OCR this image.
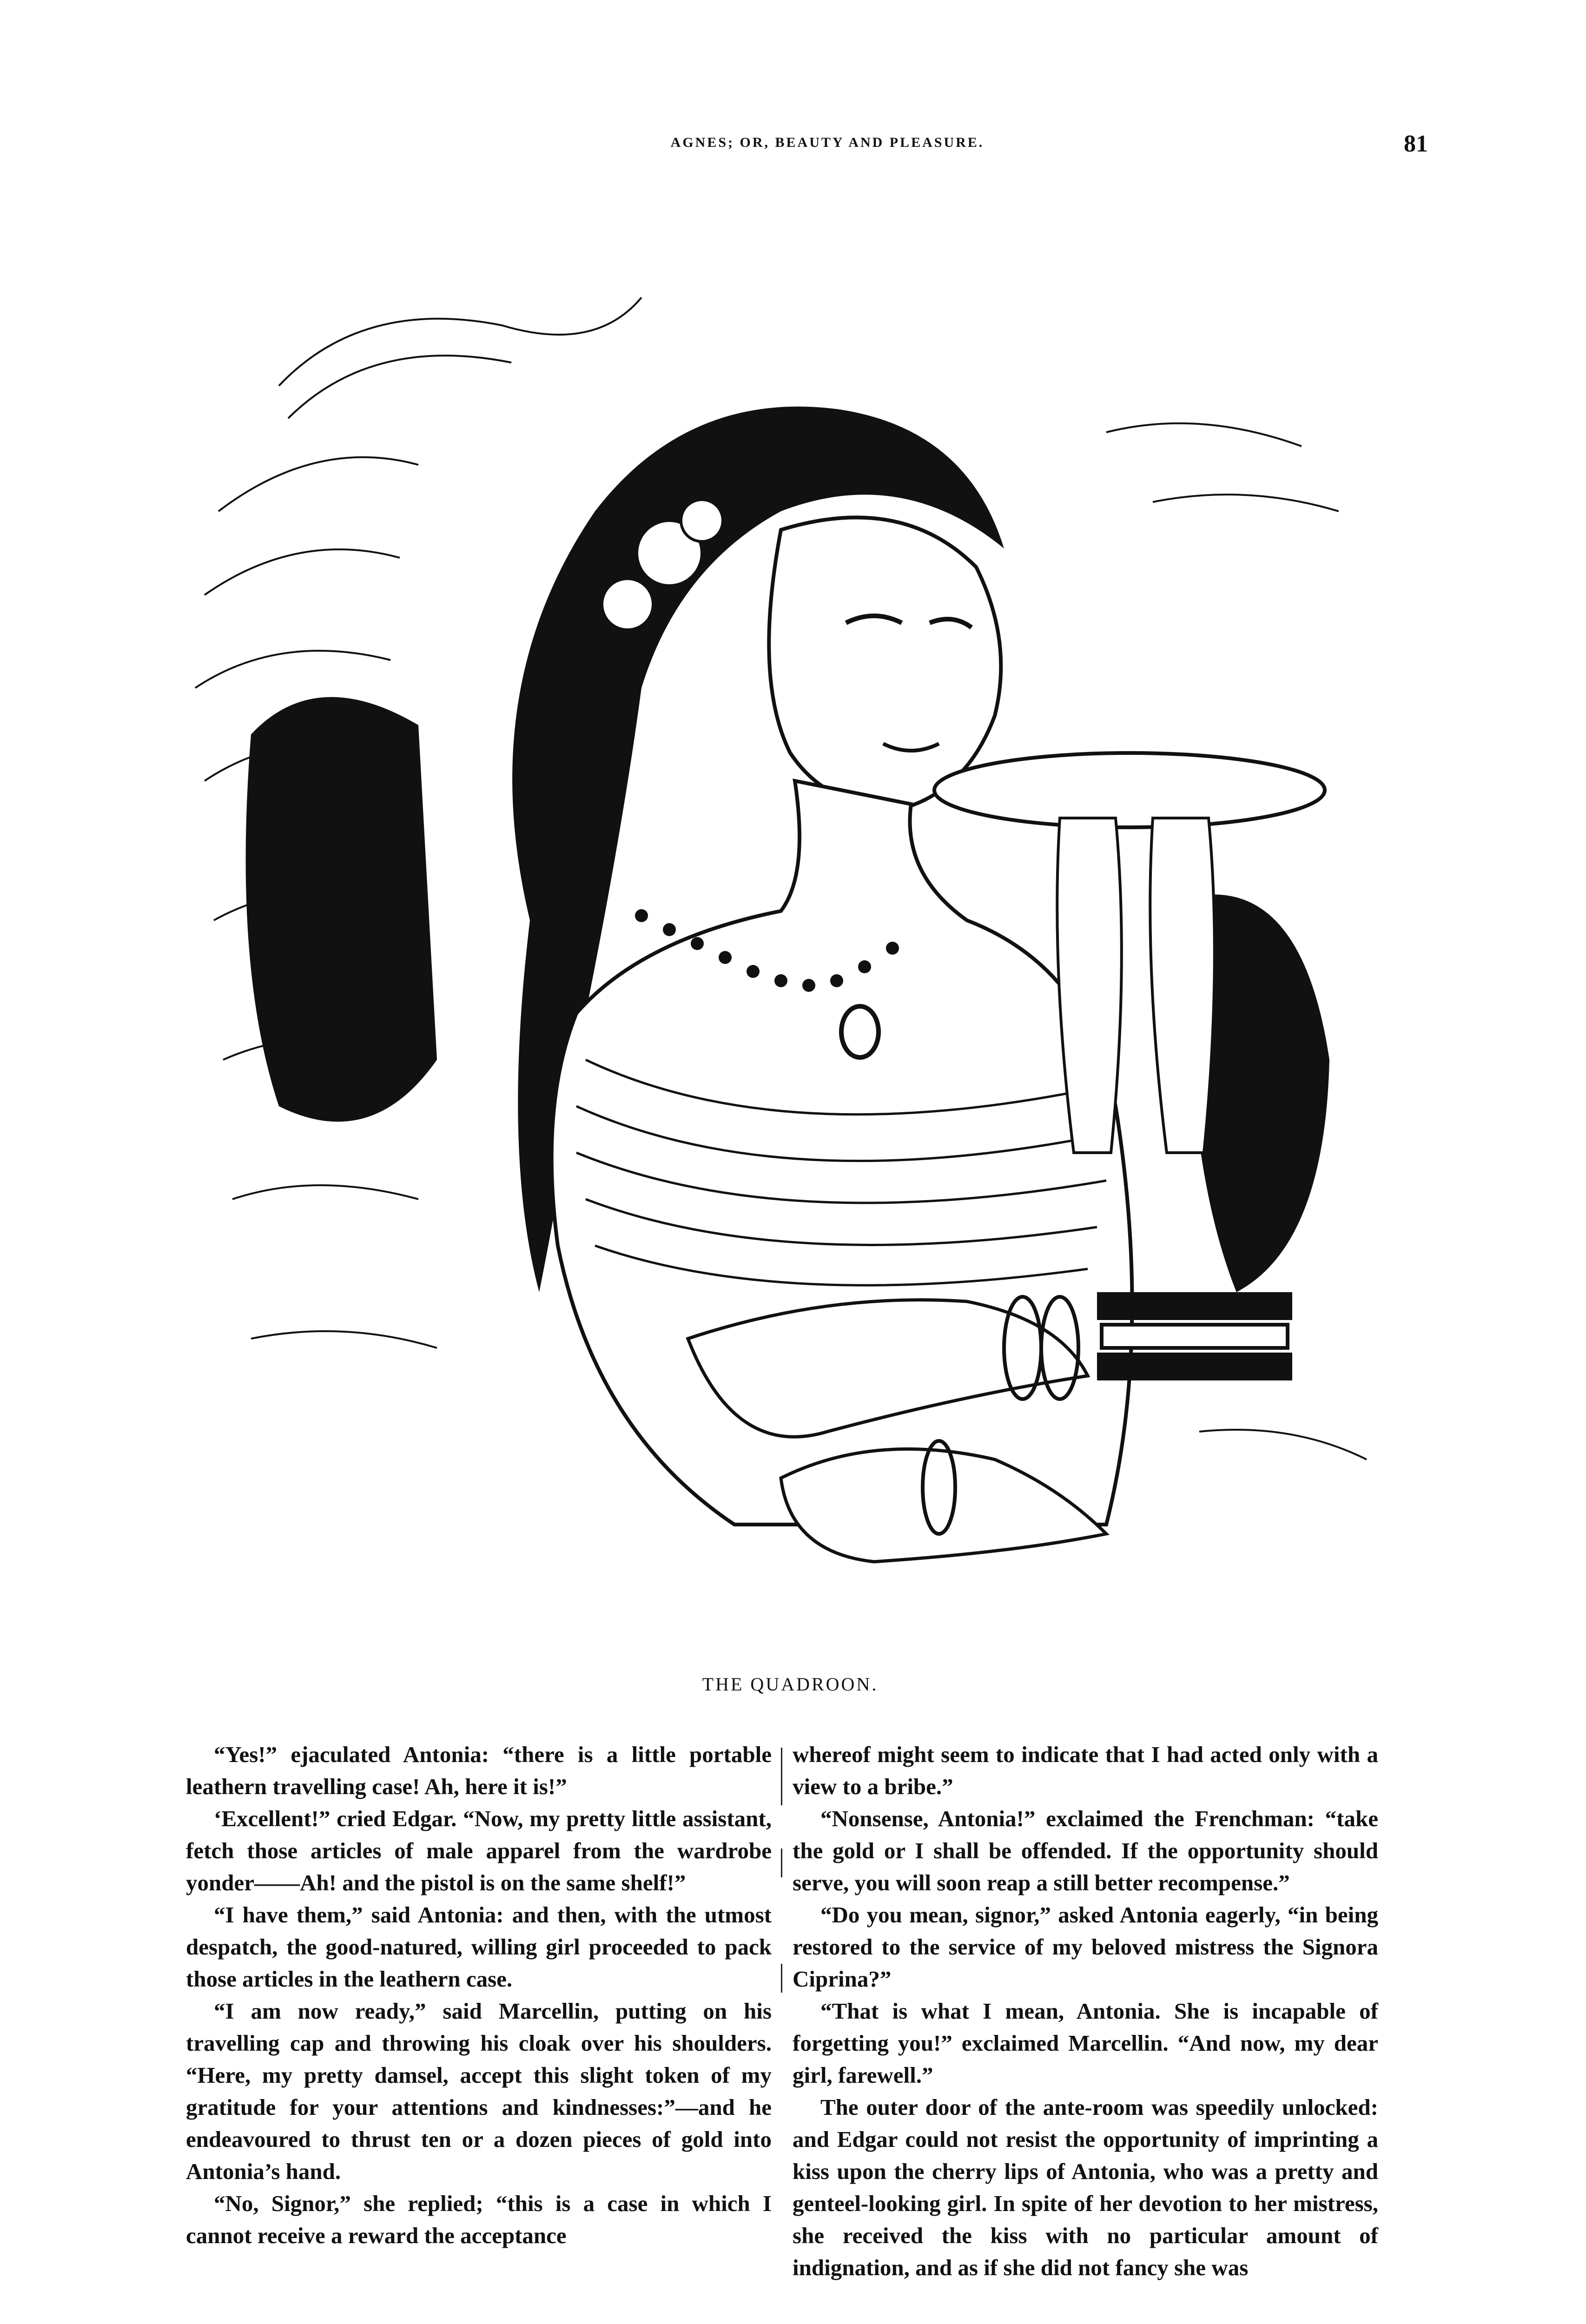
AGNES; OR, BEAUTY AND PLEASURE.	81
THE QUADROON.

“Yes!” ejaculated Antonia: “there is a little portable leathern travelling case! Ah, here it is!”

‘Excellent!” cried Edgar. “Now, my pretty little assistant, fetch those articles of male apparel from the wardrobe yonder——Ah! and the pistol is on the same shelf!”

“I have them,” said Antonia: and then, with the utmost despatch, the good-natured, willing girl proceeded to pack those articles in the leathern case.

“I am now ready,” said Marcellin, putting on his travelling cap and throwing his cloak over his shoulders. “Here, my pretty damsel, accept this slight token of my gratitude for your attentions and kindnesses:”—and he endeavoured to thrust ten or a dozen pieces of gold into Antonia’s hand.

“No, Signor,” she replied; “this is a case in which I cannot receive a reward the acceptance

whereof might seem to indicate that I had acted only with a view to a bribe.”

“Nonsense, Antonia!” exclaimed the Frenchman: “take the gold or I shall be offended. If the opportunity should serve, you will soon reap a still better recompense.”

“Do you mean, signor,” asked Antonia eagerly, “in being restored to the service of my beloved mistress the Signora Ciprina?”

“That is what I mean, Antonia. She is incapable of forgetting you!” exclaimed Marcellin. “And now, my dear girl, farewell.”

The outer door of the ante-room was speedily unlocked: and Edgar could not resist the opportunity of imprinting a kiss upon the cherry lips of Antonia, who was a pretty and genteel-looking girl. In spite of her devotion to her mistress, she received the kiss with no particular amount of indignation, and as if she did not fancy she was
